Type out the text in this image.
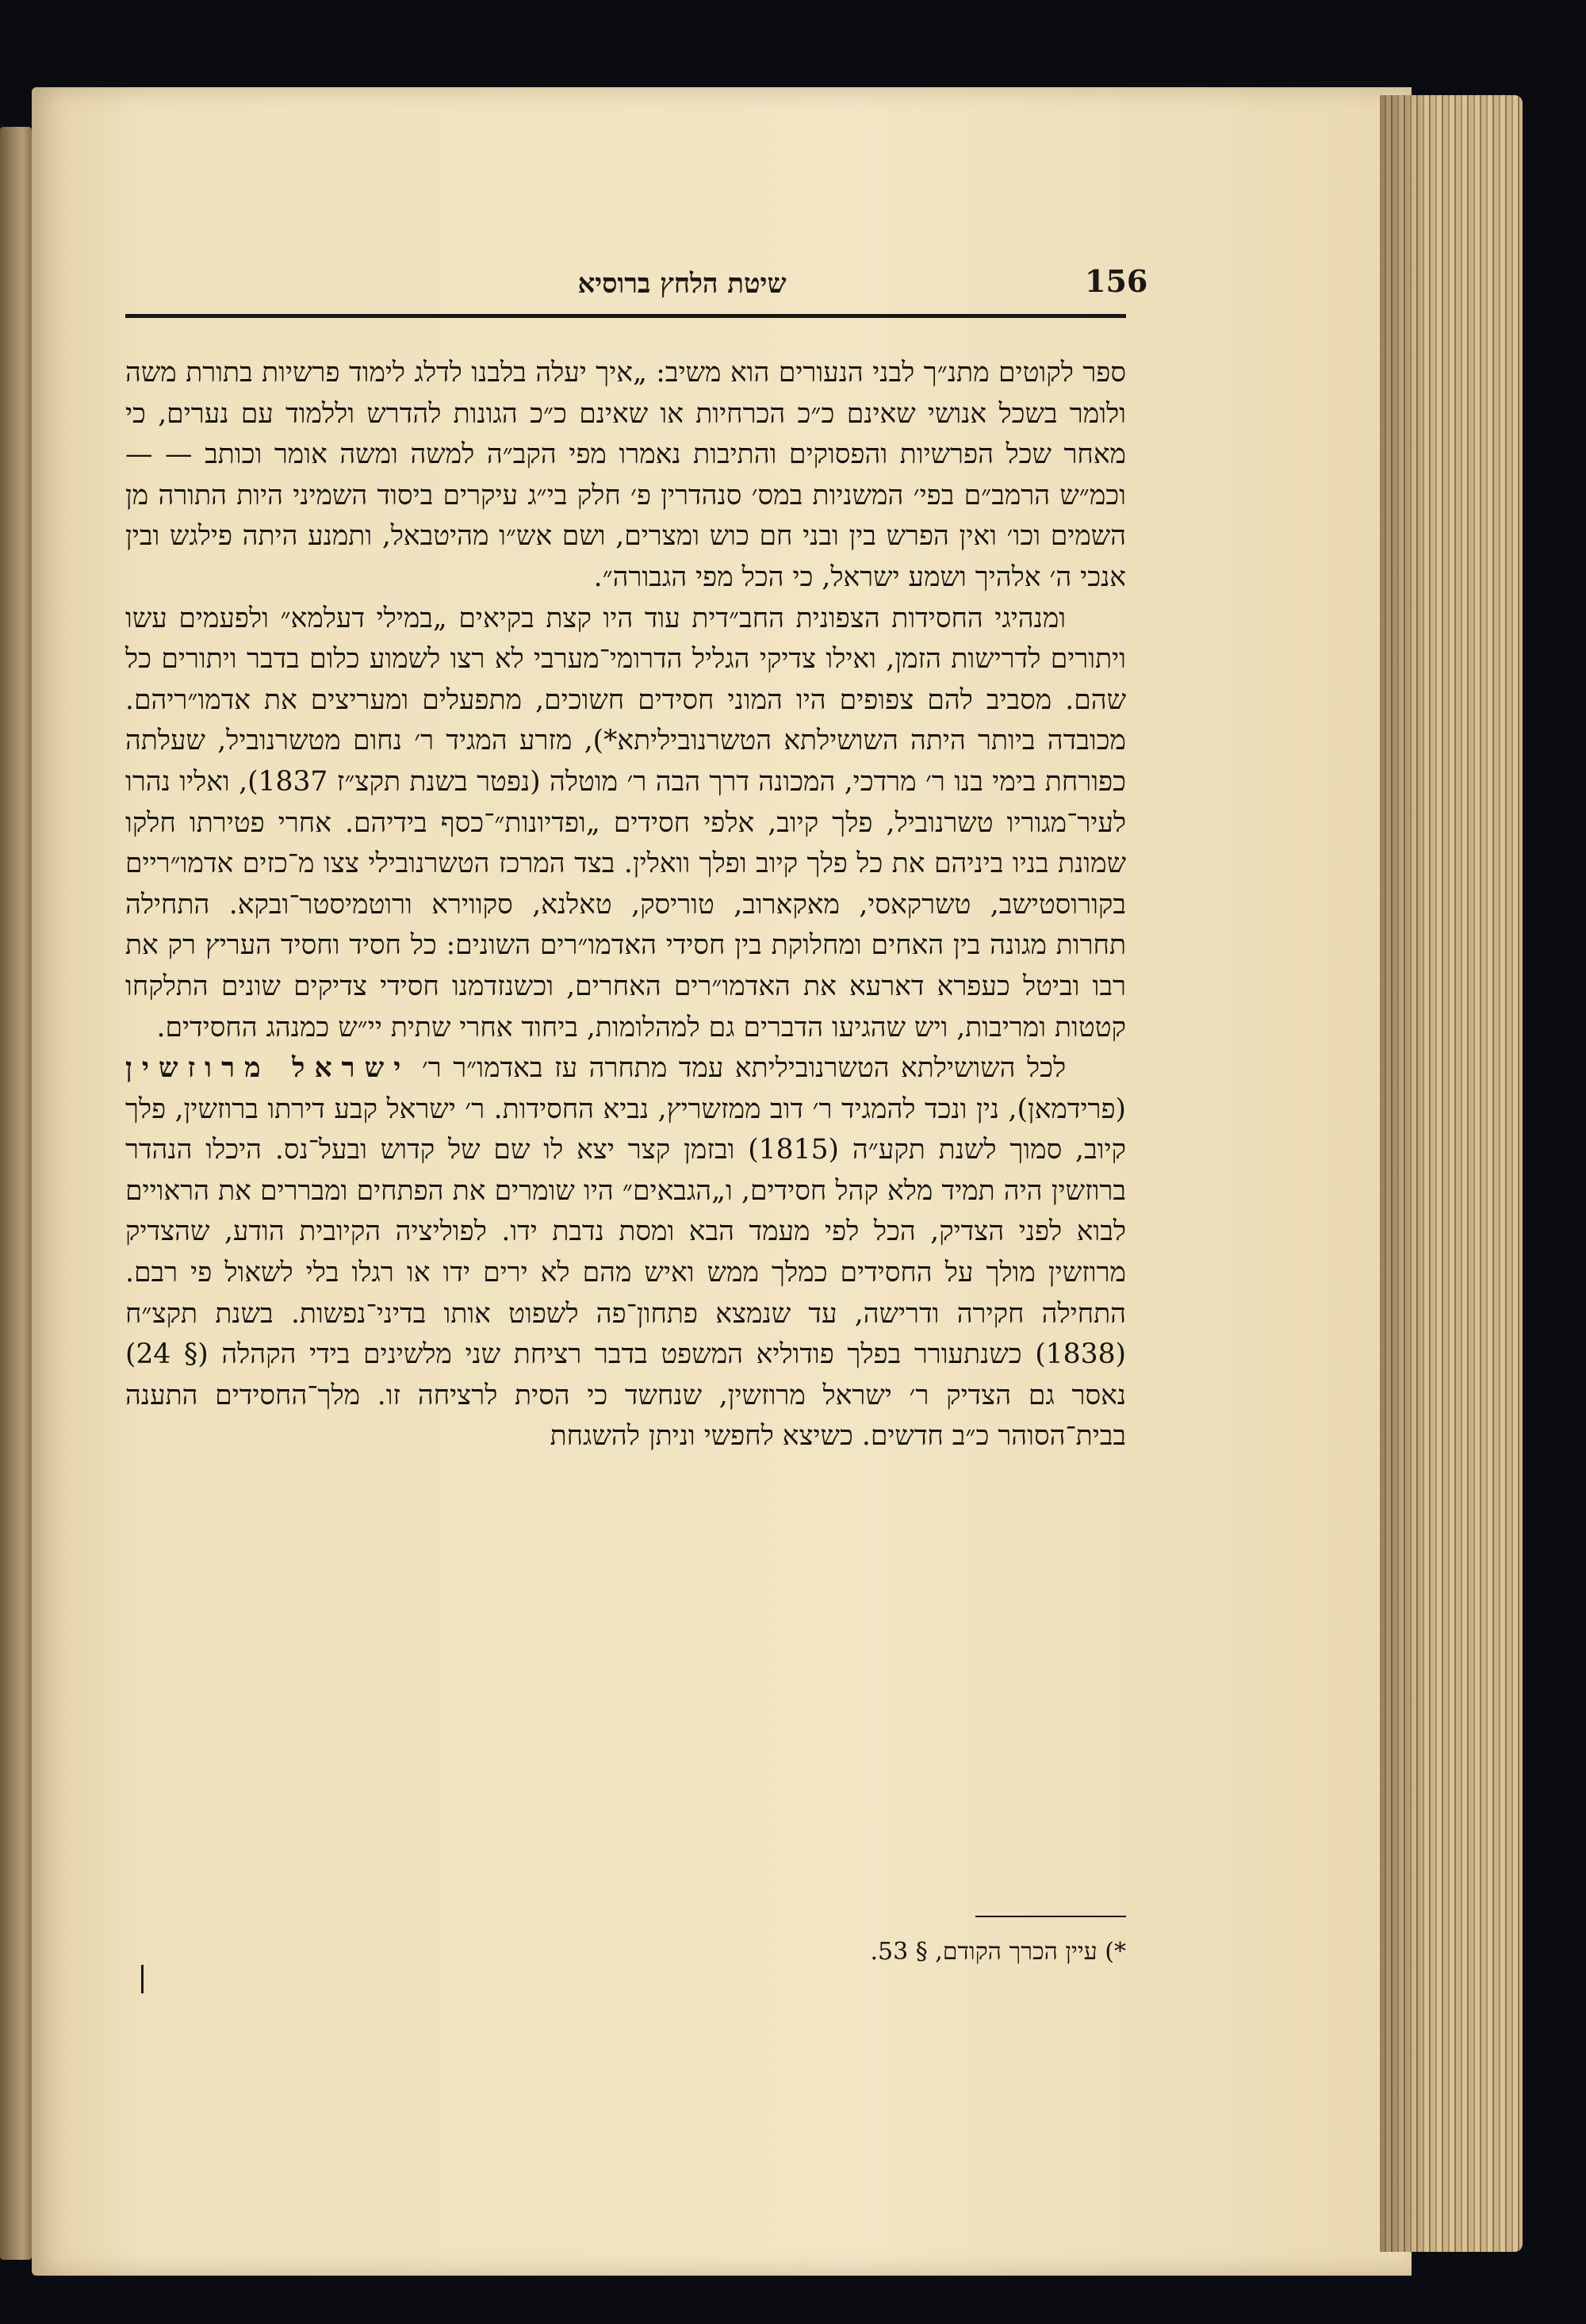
156
שיטת הלחץ ברוסיא

ספר לקוטים מתנ״ך לבני הנעורים הוא משיב: „איך יעלה בלבנו לדלג לימוד פרשיות בתורת משה ולומר בשכל אנושי שאינם כ״כ הכרחיות או שאינם כ״כ הגונות להדרש וללמוד עם נערים, כי מאחר שכל הפרשיות והפסוקים והתיבות נאמרו מפי הקב״ה למשה ומשה אומר וכותב — — וכמ״ש הרמב״ם בפי׳ המשניות במס׳ סנהדרין פ׳ חלק בי״ג עיקרים ביסוד השמיני היות התורה מן השמים וכו׳ ואין הפרש בין ובני חם כוש ומצרים, ושם אש״ו מהיטבאל, ותמנע היתה פילגש ובין אנכי ה׳ אלהיך ושמע ישראל, כי הכל מפי הגבורה״.

ומנהיגי החסידות הצפונית החב״דית עוד היו קצת בקיאים „במילי דעלמא״ ולפעמים עשו ויתורים לדרישות הזמן, ואילו צדיקי הגליל הדרומי־מערבי לא רצו לשמוע כלום בדבר ויתורים כל שהם. מסביב להם צפופים היו המוני חסידים חשוכים, מתפעלים ומעריצים את אדמו״ריהם. מכובדה ביותר היתה השושילתא הטשרנוביליתא*), מזרע המגיד ר׳ נחום מטשרנוביל, שעלתה כפורחת בימי בנו ר׳ מרדכי, המכונה דרך הבה ר׳ מוטלה (נפטר בשנת תקצ״ז 1837), ואליו נהרו לעיר־מגוריו טשרנוביל, פלך קיוב, אלפי חסידים „ופדיונות״־כסף בידיהם. אחרי פטירתו חלקו שמונת בניו ביניהם את כל פלך קיוב ופלך וואלין. בצד המרכז הטשרנובילי צצו מ־כזים אדמו״ריים בקורוסטישב, טשרקאסי, מאקארוב, טוריסק, טאלנא, סקווירא ורוטמיסטר־ובקא. התחילה תחרות מגונה בין האחים ומחלוקת בין חסידי האדמו״רים השונים: כל חסיד וחסיד העריץ רק את רבו וביטל כעפרא דארעא את האדמו״רים האחרים, וכשנזדמנו חסידי צדיקים שונים התלקחו קטטות ומריבות, ויש שהגיעו הדברים גם למהלומות, ביחוד אחרי שתית יי״ש כמנהג החסידים.

לכל השושילתא הטשרנוביליתא עמד מתחרה עז באדמו״ר ר׳ ישראל מרוזשין (פרידמאן), נין ונכד להמגיד ר׳ דוב ממזשריץ, נביא החסידות. ר׳ ישראל קבע דירתו ברוזשין, פלך קיוב, סמוך לשנת תקע״ה (1815) ובזמן קצר יצא לו שם של קדוש ובעל־נס. היכלו הנהדר ברוזשין היה תמיד מלא קהל חסידים, ו„הגבאים״ היו שומרים את הפתחים ומבררים את הראויים לבוא לפני הצדיק, הכל לפי מעמד הבא ומסת נדבת ידו. לפוליציה הקיובית הודע, שהצדיק מרוזשין מולך על החסידים כמלך ממש ואיש מהם לא ירים ידו או רגלו בלי לשאול פי רבם. התחילה חקירה ודרישה, עד שנמצא פתחון־פה לשפוט אותו בדיני־נפשות. בשנת תקצ״ח (1838) כשנתעורר בפלך פודוליא המשפט בדבר רציחת שני מלשינים בידי הקהלה (§ 24) נאסר גם הצדיק ר׳ ישראל מרוזשין, שנחשד כי הסית לרציחה זו. מלך־החסידים התענה בבית־הסוהר כ״ב חדשים. כשיצא לחפשי וניתן להשגחת

*) עיין הכרך הקודם, § 53.
